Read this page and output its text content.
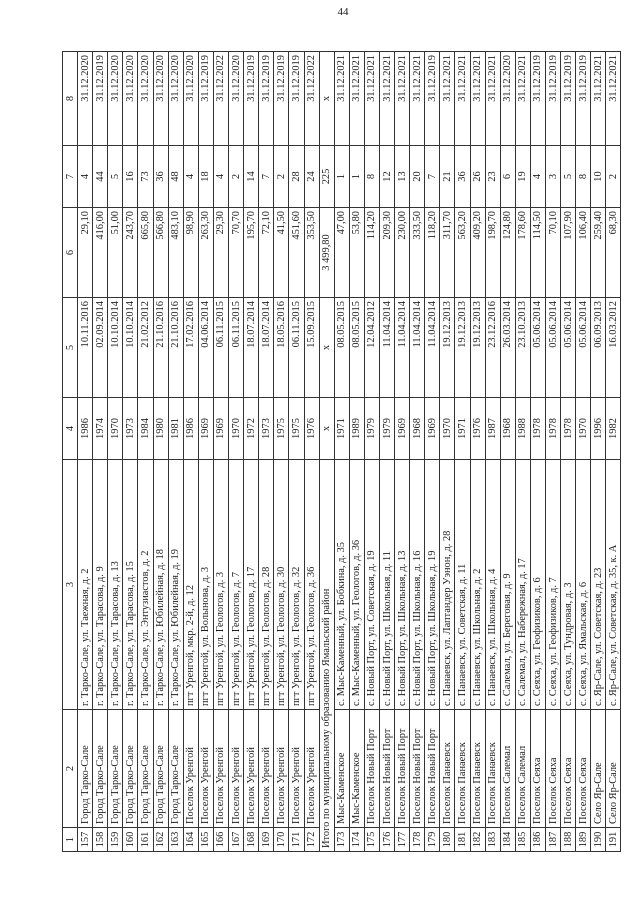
44
1	2	3	4	5	6	7	8
157	Город Тарко-Сале	г. Тарко-Сале, ул. Таежная, д. 2	1986	10.11.2016	29,10	4	31.12.2020
158	Город Тарко-Сале	г. Тарко-Сале, ул. Тарасова, д. 9	1974	02.09.2014	416,00	44	31.12.2019
159	Город Тарко-Сале	г. Тарко-Сале, ул. Тарасова, д. 13	1970	10.10.2014	51,00	5	31.12.2020
160	Город Тарко-Сале	г. Тарко-Сале, ул. Тарасова, д. 15	1973	10.10.2014	243,70	16	31.12.2020
161	Город Тарко-Сале	г. Тарко-Сале, ул. Энтузиастов, д. 2	1984	21.02.2012	665,80	73	31.12.2020
162	Город Тарко-Сале	г. Тарко-Сале, ул. Юбилейная, д. 18	1980	21.10.2016	566,80	36	31.12.2020
163	Город Тарко-Сале	г. Тарко-Сале, ул. Юбилейная, д. 19	1981	21.10.2016	483,10	48	31.12.2020
164	Поселок Уренгой	пгт Уренгой, мкр. 2-й, д. 12	1986	17.02.2016	98,90	4	31.12.2020
165	Поселок Уренгой	пгт Уренгой, ул. Волынова, д. 3	1969	04.06.2014	263,30	18	31.12.2019
166	Поселок Уренгой	пгт Уренгой, ул. Геологов, д. 3	1969	06.11.2015	29,30	4	31.12.2022
167	Поселок Уренгой	пгт Уренгой, ул. Геологов, д. 7	1970	06.11.2015	70,70	2	31.12.2020
168	Поселок Уренгой	пгт Уренгой, ул. Геологов, д. 17	1972	18.07.2014	195,70	14	31.12.2019
169	Поселок Уренгой	пгт Уренгой, ул. Геологов, д. 28	1973	18.07.2014	72,10	7	31.12.2019
170	Поселок Уренгой	пгт Уренгой, ул. Геологов, д. 30	1975	18.05.2016	41,50	2	31.12.2019
171	Поселок Уренгой	пгт Уренгой, ул. Геологов, д. 32	1975	06.11.2015	451,60	28	31.12.2019
172	Поселок Уренгой	пгт Уренгой, ул. Геологов, д. 36	1976	15.09.2015	353,50	24	31.12.2022
Итого по муниципальному образованию Ямальский район			x	x	3 499,80	225	x
173	Мыс-Каменское	с. Мыс-Каменный, ул. Бобкина, д. 35	1971	08.05.2015	47,00	1	31.12.2021
174	Мыс-Каменское	с. Мыс-Каменный, ул. Геологов, д. 36	1989	08.05.2015	53,80	1	31.12.2021
175	Поселок Новый Порт	с. Новый Порт, ул. Советская, д. 19	1979	12.04.2012	114,20	8	31.12.2021
176	Поселок Новый Порт	с. Новый Порт, ул. Школьная, д. 11	1979	11.04.2014	209,30	12	31.12.2021
177	Поселок Новый Порт	с. Новый Порт, ул. Школьная, д. 13	1969	11.04.2014	230,00	13	31.12.2021
178	Поселок Новый Порт	с. Новый Порт, ул. Школьная, д. 16	1968	11.04.2014	333,50	20	31.12.2021
179	Поселок Новый Порт	с. Новый Порт, ул. Школьная, д. 19	1969	11.04.2014	118,20	7	31.12.2019
180	Поселок Панаевск	с. Панаевск, ул. Лаптандер Уэнон, д. 28	1970	19.12.2013	311,70	21	31.12.2021
181	Поселок Панаевск	с. Панаевск, ул. Советская, д. 11	1971	19.12.2013	563,20	36	31.12.2021
182	Поселок Панаевск	с. Панаевск, ул. Школьная, д. 2	1976	19.12.2013	409,20	26	31.12.2021
183	Поселок Панаевск	с. Панаевск, ул. Школьная, д. 4	1987	23.12.2016	198,70	23	31.12.2021
184	Поселок Салемал	с. Салемал, ул. Береговая, д. 9	1968	26.03.2014	124,80	6	31.12.2020
185	Поселок Салемал	с. Салемал, ул. Набережная, д. 17	1988	23.10.2013	178,60	19	31.12.2021
186	Поселок Сеяха	с. Сеяха, ул. Геофизиков, д. 6	1978	05.06.2014	114,50	4	31.12.2019
187	Поселок Сеяха	с. Сеяха, ул. Геофизиков, д. 7	1978	05.06.2014	70,10	3	31.12.2019
188	Поселок Сеяха	с. Сеяха, ул. Тундровая, д. 3	1978	05.06.2014	107,90	5	31.12.2019
189	Поселок Сеяха	с. Сеяха, ул. Ямальская, д. 6	1970	05.06.2014	106,40	8	31.12.2019
190	Село Яр-Сале	с. Яр-Сале, ул. Советская, д. 23	1996	06.09.2013	259,40	10	31.12.2021
191	Село Яр-Сале	с. Яр-Сале, ул. Советская, д. 35, к. А	1982	16.03.2012	68,30	2	31.12.2021
